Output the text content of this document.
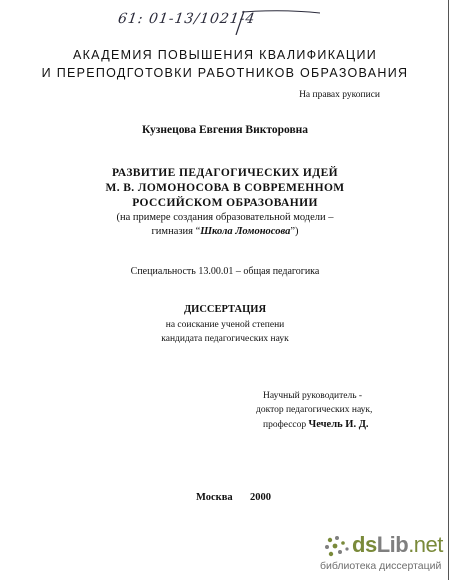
61: 01-13/1021-4
АКАДЕМИЯ ПОВЫШЕНИЯ КВАЛИФИКАЦИИ
И ПЕРЕПОДГОТОВКИ РАБОТНИКОВ ОБРАЗОВАНИЯ
На правах рукописи
Кузнецова Евгения Викторовна
РАЗВИТИЕ ПЕДАГОГИЧЕСКИХ ИДЕЙ
М. В. ЛОМОНОСОВА В СОВРЕМЕННОМ
РОССИЙСКОМ ОБРАЗОВАНИИ
(на примере создания образовательной модели –
гимназия “Школа Ломоносова”)
Специальность 13.00.01 – общая педагогика
ДИССЕРТАЦИЯ
на соискание ученой степени
кандидата педагогических наук
Научный руководитель -
доктор педагогических наук,
профессор Чечель И. Д.
Москва 2000
dsLib.net
библиотека диссертаций
